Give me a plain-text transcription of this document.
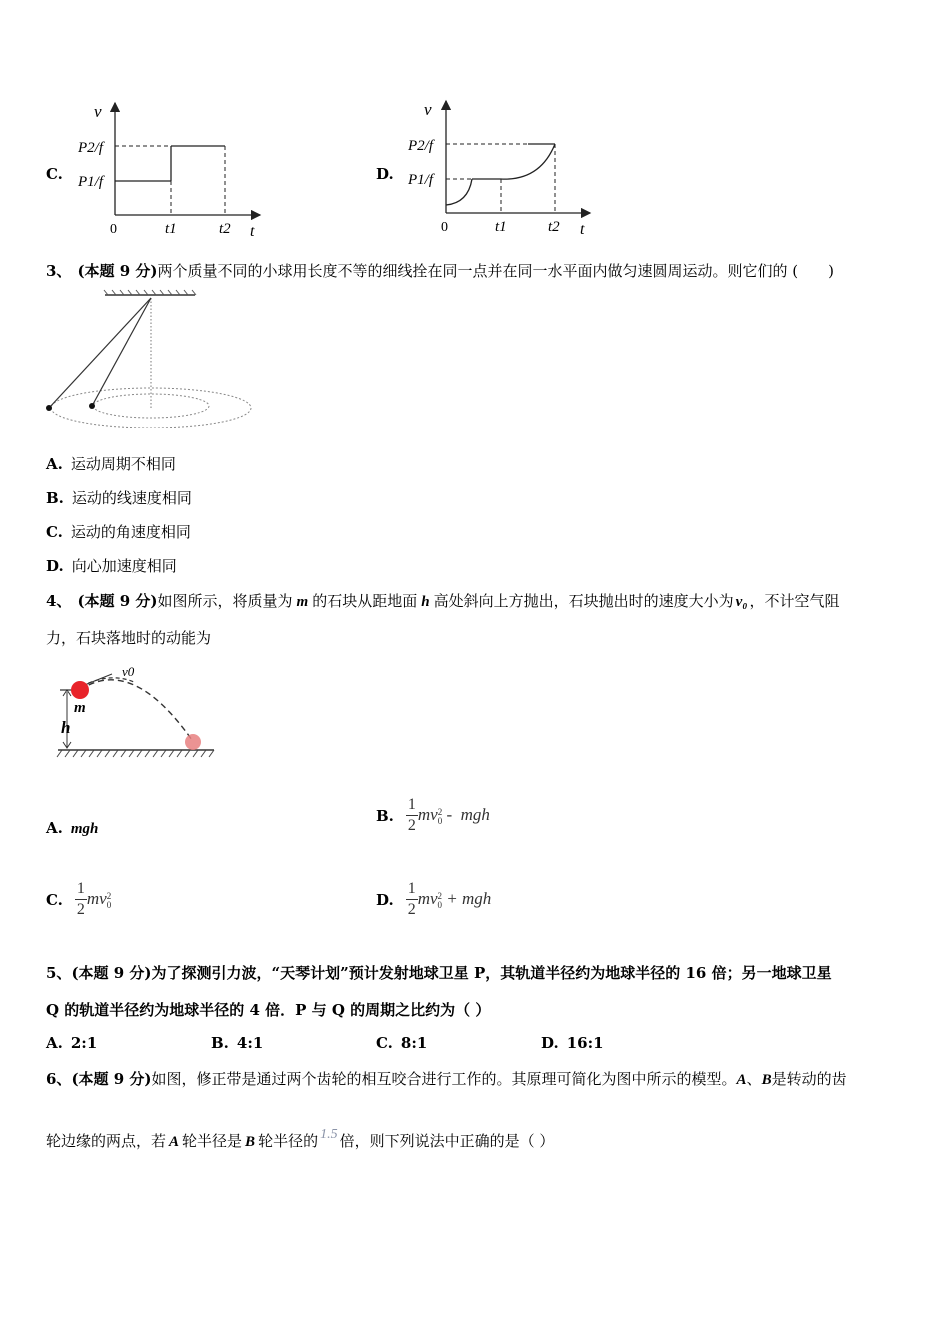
C.
v
t
0
P2/f
P1/f
t1	t2
D.
v
t
0
P2/f
P1/f
t1	t2
3、 (本题 9 分)两个质量不同的小球用长度不等的细线拴在同一点并在同一水平面内做匀速圆周运动。则它们的 (　　)
A. 运动周期不相同
B. 运动的线速度相同
C. 运动的角速度相同
D. 向心加速度相同
4、 (本题 9 分)如图所示，将质量为 m 的石块从距地面 h 高处斜向上方抛出，石块抛出时的速度大小为 v₀ ，不计空气阻
力，石块落地时的动能为
h
m
v0
A. mgh
B. $\frac{1}{2}$ mv 2
0 -  mgh
C. $\frac{1}{2}$ mv 2
0	D. $\frac{1}{2}$ mv 2
0 + mgh
5、(本题 9 分)为了探测引力波，“天琴计划”预计发射地球卫星 P，其轨道半径约为地球半径的 16 倍；另一地球卫星
Q 的轨道半径约为地球半径的 4 倍．P 与 Q 的周期之比约为（ ）
A. 2:1	B. 4:1	C. 8:1	D. 16:1
6、(本题 9 分)如图，修正带是通过两个齿轮的相互咬合进行工作的。其原理可简化为图中所示的模型。A、B是转动的齿
轮边缘的两点，若 A 轮半径是 B 轮半径的 1.5 倍，则下列说法中正确的是（ ）
